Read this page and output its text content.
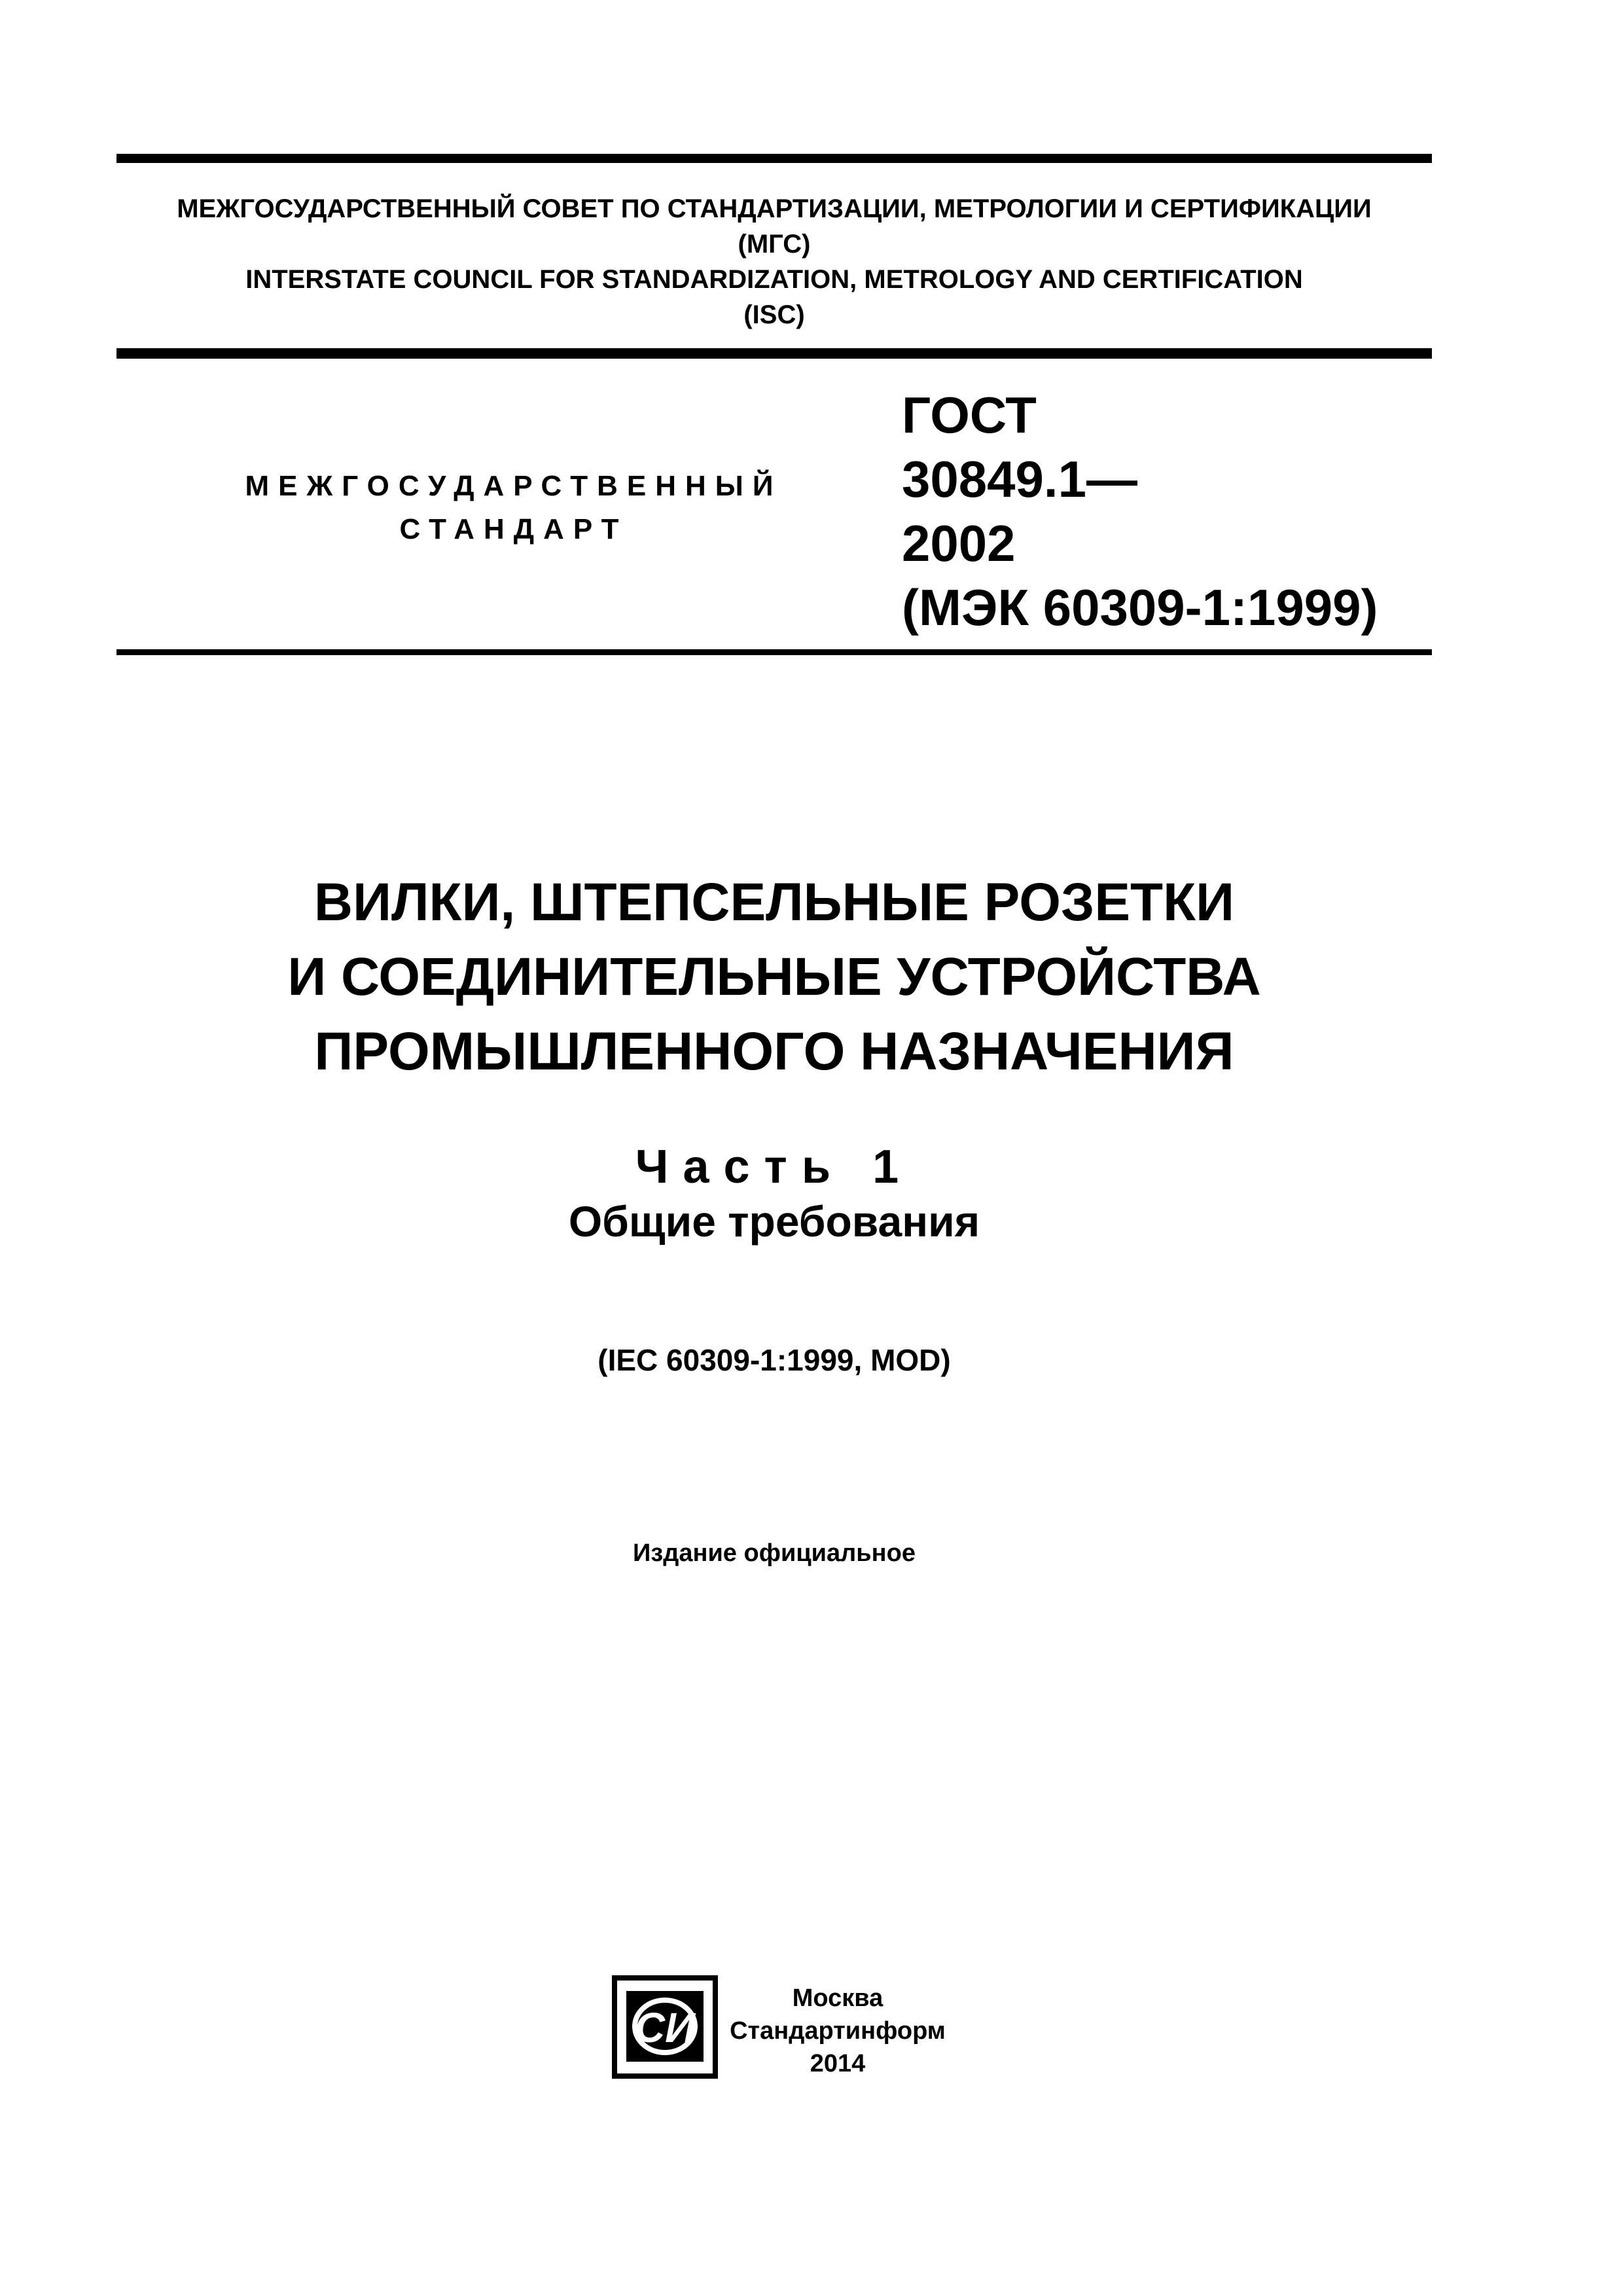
МЕЖГОСУДАРСТВЕННЫЙ СОВЕТ ПО СТАНДАРТИЗАЦИИ, МЕТРОЛОГИИ И СЕРТИФИКАЦИИ
(МГС)
INTERSTATE COUNCIL FOR STANDARDIZATION, METROLOGY AND CERTIFICATION
(ISC)
МЕЖГОСУДАРСТВЕННЫЙ
СТАНДАРТ
ГОСТ
30849.1—
2002
(МЭК 60309-1:1999)
ВИЛКИ, ШТЕПСЕЛЬНЫЕ РОЗЕТКИ
И СОЕДИНИТЕЛЬНЫЕ УСТРОЙСТВА
ПРОМЫШЛЕННОГО НАЗНАЧЕНИЯ
Часть 1
Общие требования
(IEC 60309-1:1999, MOD)
Издание официальное
СИ
Москва
Стандартинформ
2014
